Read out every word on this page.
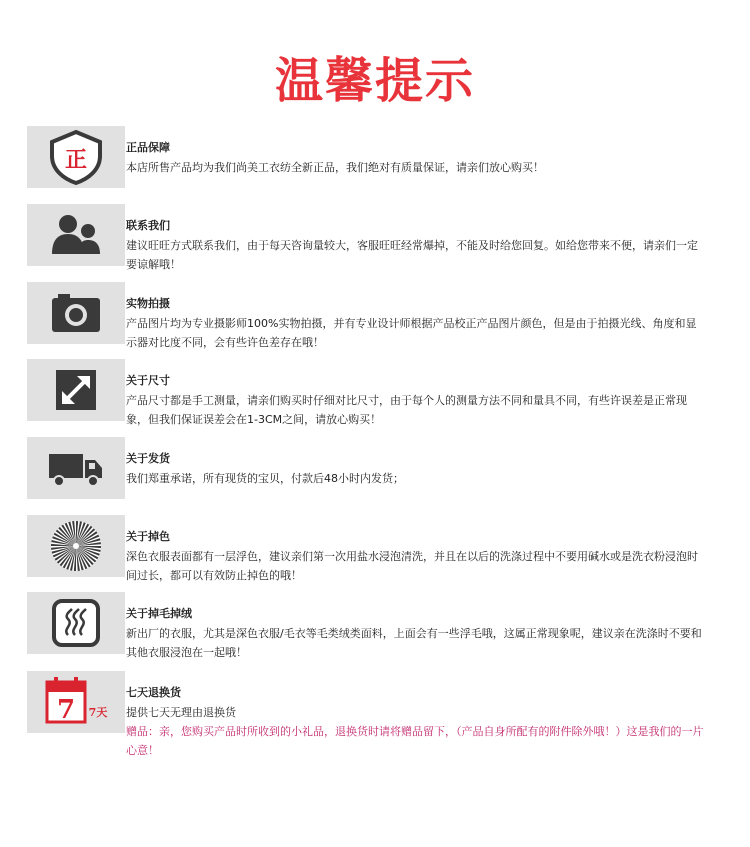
温馨提示
正

正品保障

本店所售产品均为我们尚美工衣纺全新正品，我们绝对有质量保证，请亲们放心购买！

联系我们

建议旺旺方式联系我们，由于每天咨询量较大，客服旺旺经常爆掉，不能及时给您回复。如给您带来不便，请亲们一定要谅解哦！

实物拍摄

产品图片均为专业摄影师100%实物拍摄，并有专业设计师根据产品校正产品图片颜色，但是由于拍摄光线、角度和显示器对比度不同，会有些许色差存在哦！

关于尺寸

产品尺寸都是手工测量，请亲们购买时仔细对比尺寸，由于每个人的测量方法不同和量具不同，有些许误差是正常现象，但我们保证误差会在1-3CM之间，请放心购买！

关于发货

我们郑重承诺，所有现货的宝贝，付款后48小时内发货；

关于掉色

深色衣服表面都有一层浮色，建议亲们第一次用盐水浸泡清洗，并且在以后的洗涤过程中不要用碱水或是洗衣粉浸泡时间过长，都可以有效防止掉色的哦！

关于掉毛掉绒

新出厂的衣服，尤其是深色衣服/毛衣等毛类绒类面料，上面会有一些浮毛哦，这属正常现象呢，建议亲在洗涤时不要和其他衣服浸泡在一起哦！

7 7天

七天退换货

提供七天无理由退换货

赠品：亲，您购买产品时所收到的小礼品，退换货时请将赠品留下，（产品自身所配有的附件除外哦！）这是我们的一片心意！
